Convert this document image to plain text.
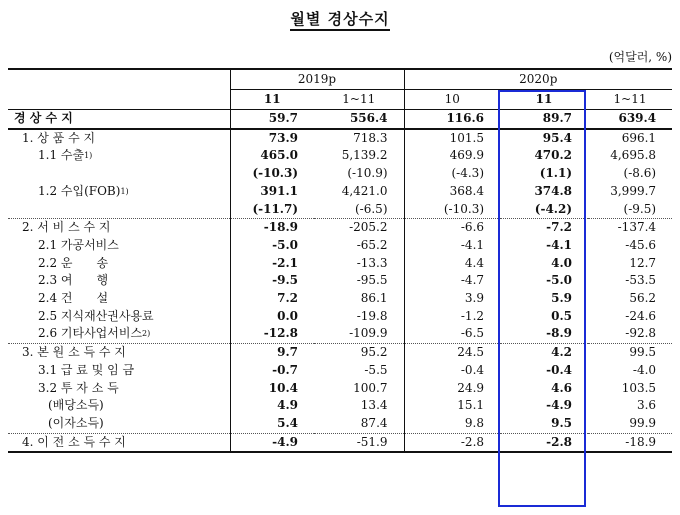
월별 경상수지
(억달러, %)
	2019p		2020p		
	11	1~11	10	11	1~11
경 상 수 지	59.7	556.4	116.6	89.7	639.4
1. 상 품 수 지	73.9	718.3	101.5	95.4	696.1
1.1 수출$^{1)}$	465.0	5,139.2	469.9	470.2	4,695.8
	(-10.3)	(-10.9)	(-4.3)	(1.1)	(-8.6)
1.2 수입(FOB)$^{1)}$	391.1	4,421.0	368.4	374.8	3,999.7
	(-11.7)	(-6.5)	(-10.3)	(-4.2)	(-9.5)
2. 서 비 스 수 지	-18.9	-205.2	-6.6	-7.2	-137.4
2.1 가공서비스	-5.0	-65.2	-4.1	-4.1	-45.6
2.2 운　　송	-2.1	-13.3	4.4	4.0	12.7
2.3 여　　행	-9.5	-95.5	-4.7	-5.0	-53.5
2.4 건　　설	7.2	86.1	3.9	5.9	56.2
2.5 지식재산권사용료	0.0	-19.8	-1.2	0.5	-24.6
2.6 기타사업서비스$^{2)}$	-12.8	-109.9	-6.5	-8.9	-92.8
3. 본 원 소 득 수 지	9.7	95.2	24.5	4.2	99.5
3.1 급 료 및 임 금	-0.7	-5.5	-0.4	-0.4	-4.0
3.2 투 자 소 득	10.4	100.7	24.9	4.6	103.5
(배당소득)	4.9	13.4	15.1	-4.9	3.6
(이자소득)	5.4	87.4	9.8	9.5	99.9
4. 이 전 소 득 수 지	-4.9	-51.9	-2.8	-2.8	-18.9
